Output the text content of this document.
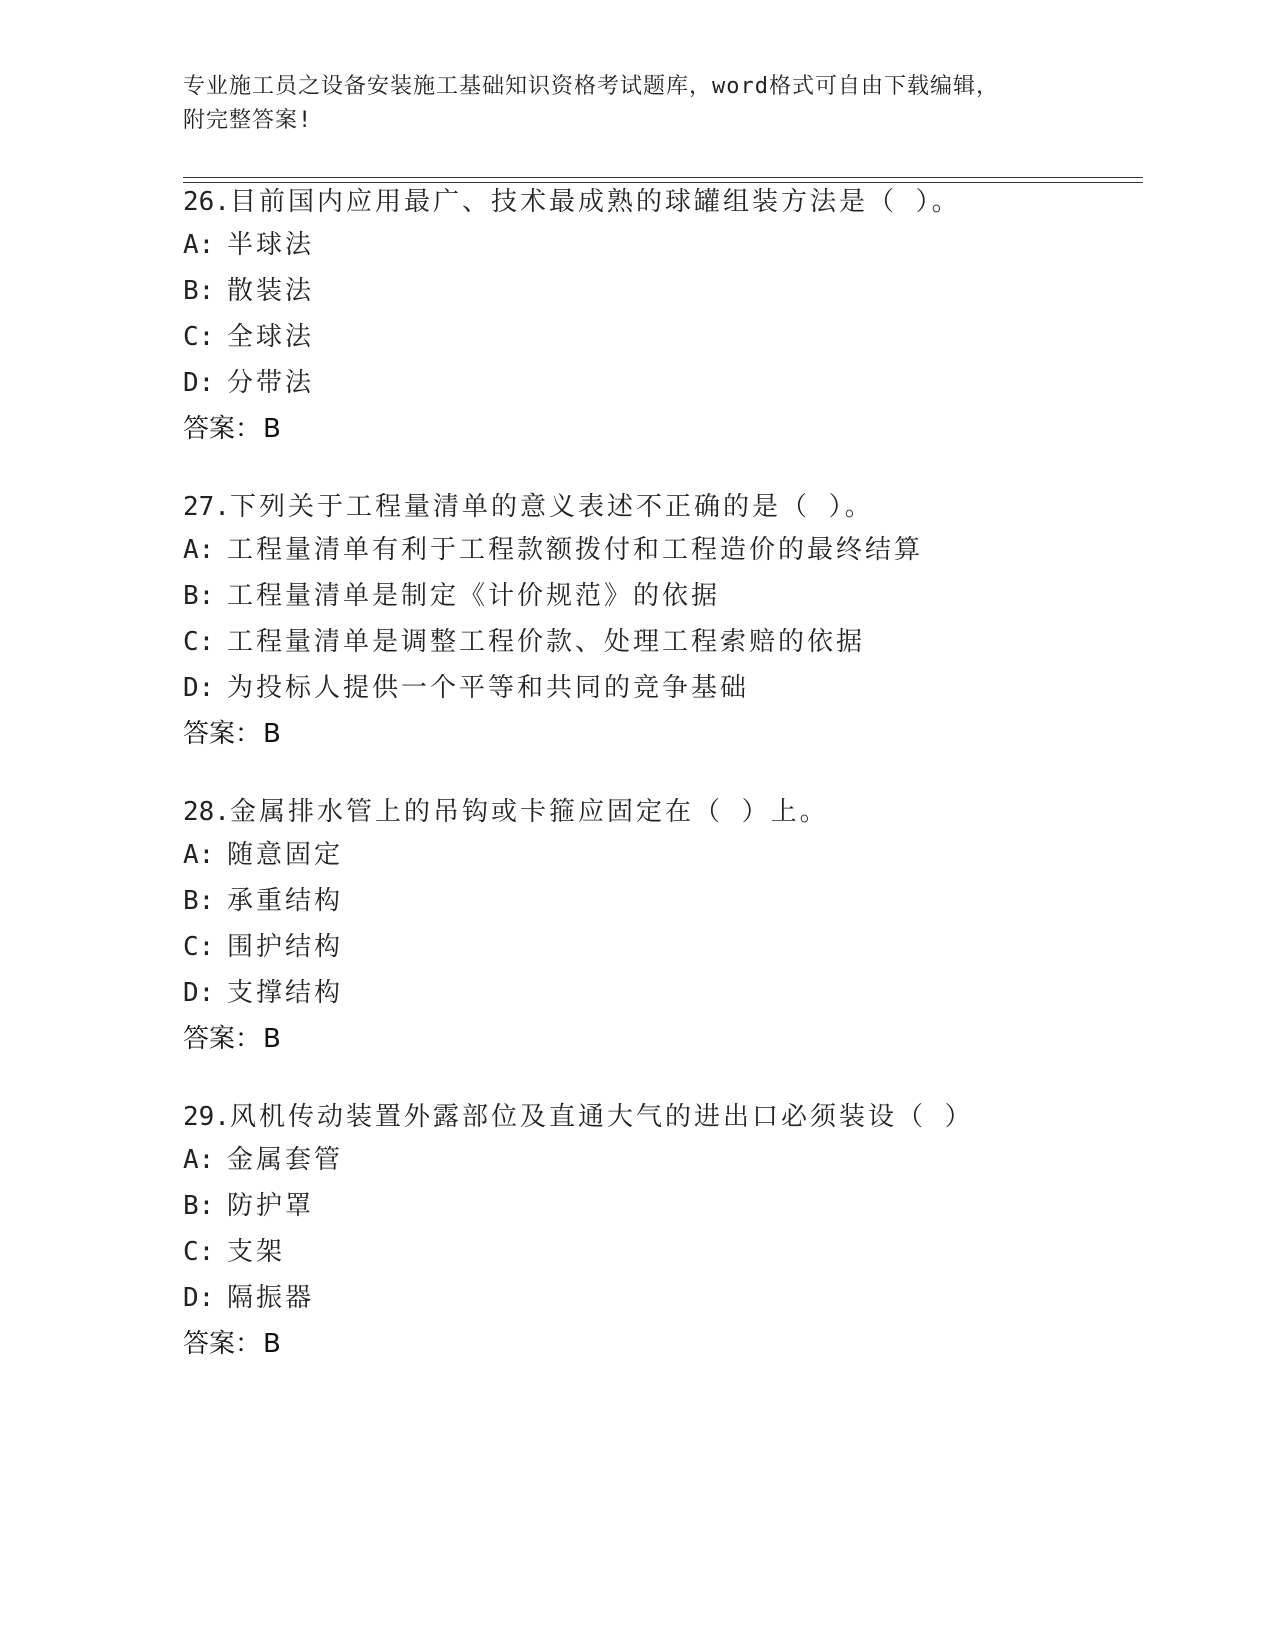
专业施工员之设备安装施工基础知识资格考试题库，word格式可自由下载编辑，
附完整答案!
26.目前国内应用最广、技术最成熟的球罐组装方法是（ ）。
A: 半球法
B: 散装法
C: 全球法
D: 分带法
答案：B
27.下列关于工程量清单的意义表述不正确的是（ ）。
A: 工程量清单有利于工程款额拨付和工程造价的最终结算
B: 工程量清单是制定《计价规范》的依据
C: 工程量清单是调整工程价款、处理工程索赔的依据
D: 为投标人提供一个平等和共同的竞争基础
答案：B
28.金属排水管上的吊钩或卡箍应固定在（ ）上。
A: 随意固定
B: 承重结构
C: 围护结构
D: 支撑结构
答案：B
29.风机传动装置外露部位及直通大气的进出口必须装设（ ）
A: 金属套管
B: 防护罩
C: 支架
D: 隔振器
答案：B
